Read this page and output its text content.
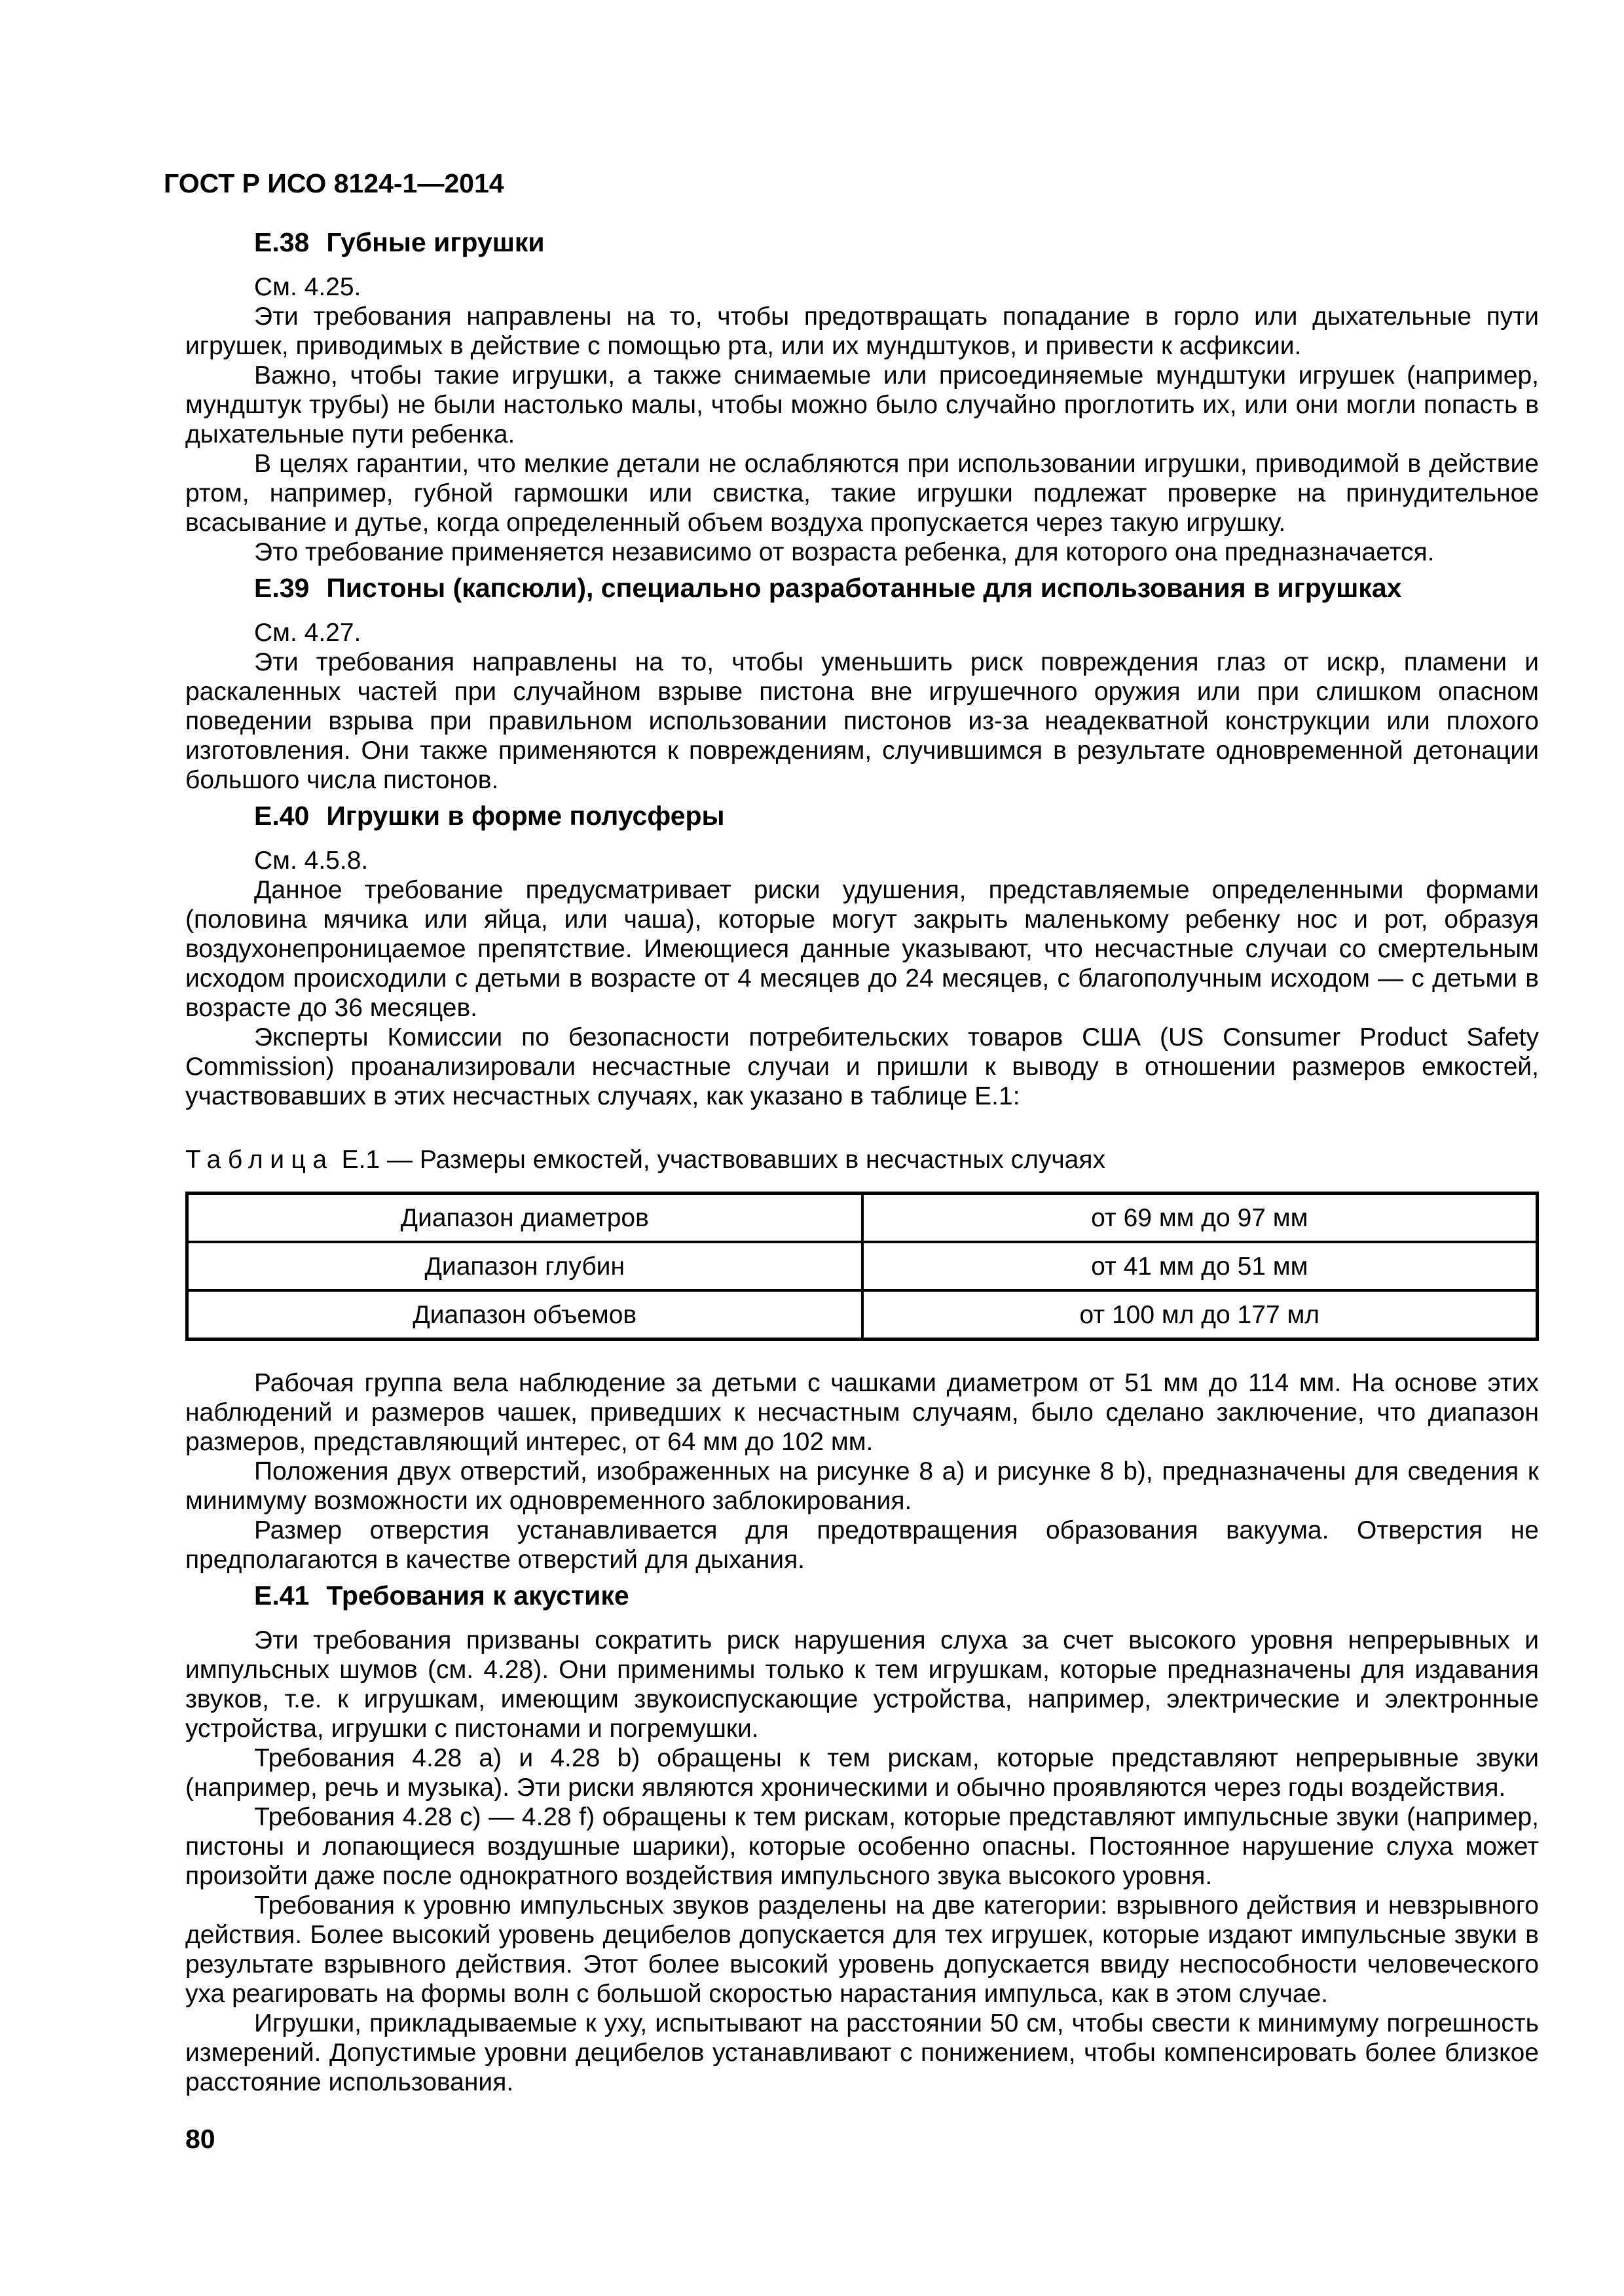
ГОСТ Р ИСО 8124-1—2014
Е.38 Губные игрушки

См. 4.25.

Эти требования направлены на то, чтобы предотвращать попадание в горло или дыхательные пути игрушек, приводимых в действие с помощью рта, или их мундштуков, и привести к асфиксии.

Важно, чтобы такие игрушки, а также снимаемые или присоединяемые мундштуки игрушек (например, мундштук трубы) не были настолько малы, чтобы можно было случайно проглотить их, или они могли попасть в дыхательные пути ребенка.

В целях гарантии, что мелкие детали не ослабляются при использовании игрушки, приводимой в действие ртом, например, губной гармошки или свистка, такие игрушки подлежат проверке на принудительное всасывание и дутье, когда определенный объем воздуха пропускается через такую игрушку.

Это требование применяется независимо от возраста ребенка, для которого она предназначается.

Е.39 Пистоны (капсюли), специально разработанные для использования в игрушках

См. 4.27.

Эти требования направлены на то, чтобы уменьшить риск повреждения глаз от искр, пламени и раскаленных частей при случайном взрыве пистона вне игрушечного оружия или при слишком опасном поведении взрыва при правильном использовании пистонов из-за неадекватной конструкции или плохого изготовления. Они также применяются к повреждениям, случившимся в результате одновременной детонации большого числа пистонов.

Е.40 Игрушки в форме полусферы

См. 4.5.8.

Данное требование предусматривает риски удушения, представляемые определенными формами (половина мячика или яйца, или чаша), которые могут закрыть маленькому ребенку нос и рот, образуя воздухонепроницаемое препятствие. Имеющиеся данные указывают, что несчастные случаи со смертельным исходом происходили с детьми в возрасте от 4 месяцев до 24 месяцев, с благополучным исходом — с детьми в возрасте до 36 месяцев.

Эксперты Комиссии по безопасности потребительских товаров США (US Consumer Product Safety Commission) проанализировали несчастные случаи и пришли к выводу в отношении размеров емкостей, участвовавших в этих несчастных случаях, как указано в таблице Е.1:

Таблица Е.1 — Размеры емкостей, участвовавших в несчастных случаях

Диапазон диаметров	от 69 мм до 97 мм
Диапазон глубин	от 41 мм до 51 мм
Диапазон объемов	от 100 мл до 177 мл

Рабочая группа вела наблюдение за детьми с чашками диаметром от 51 мм до 114 мм. На основе этих наблюдений и размеров чашек, приведших к несчастным случаям, было сделано заключение, что диапазон размеров, представляющий интерес, от 64 мм до 102 мм.

Положения двух отверстий, изображенных на рисунке 8 a) и рисунке 8 b), предназначены для сведения к минимуму возможности их одновременного заблокирования.

Размер отверстия устанавливается для предотвращения образования вакуума. Отверстия не предполагаются в качестве отверстий для дыхания.

Е.41 Требования к акустике

Эти требования призваны сократить риск нарушения слуха за счет высокого уровня непрерывных и импульсных шумов (см. 4.28). Они применимы только к тем игрушкам, которые предназначены для издавания звуков, т.е. к игрушкам, имеющим звукоиспускающие устройства, например, электрические и электронные устройства, игрушки с пистонами и погремушки.

Требования 4.28 a) и 4.28 b) обращены к тем рискам, которые представляют непрерывные звуки (например, речь и музыка). Эти риски являются хроническими и обычно проявляются через годы воздействия.

Требования 4.28 c) — 4.28 f) обращены к тем рискам, которые представляют импульсные звуки (например, пистоны и лопающиеся воздушные шарики), которые особенно опасны. Постоянное нарушение слуха может произойти даже после однократного воздействия импульсного звука высокого уровня.

Требования к уровню импульсных звуков разделены на две категории: взрывного действия и невзрывного действия. Более высокий уровень децибелов допускается для тех игрушек, которые издают импульсные звуки в результате взрывного действия. Этот более высокий уровень допускается ввиду неспособности человеческого уха реагировать на формы волн с большой скоростью нарастания импульса, как в этом случае.

Игрушки, прикладываемые к уху, испытывают на расстоянии 50 см, чтобы свести к минимуму погрешность измерений. Допустимые уровни децибелов устанавливают с понижением, чтобы компенсировать более близкое расстояние использования.

80
